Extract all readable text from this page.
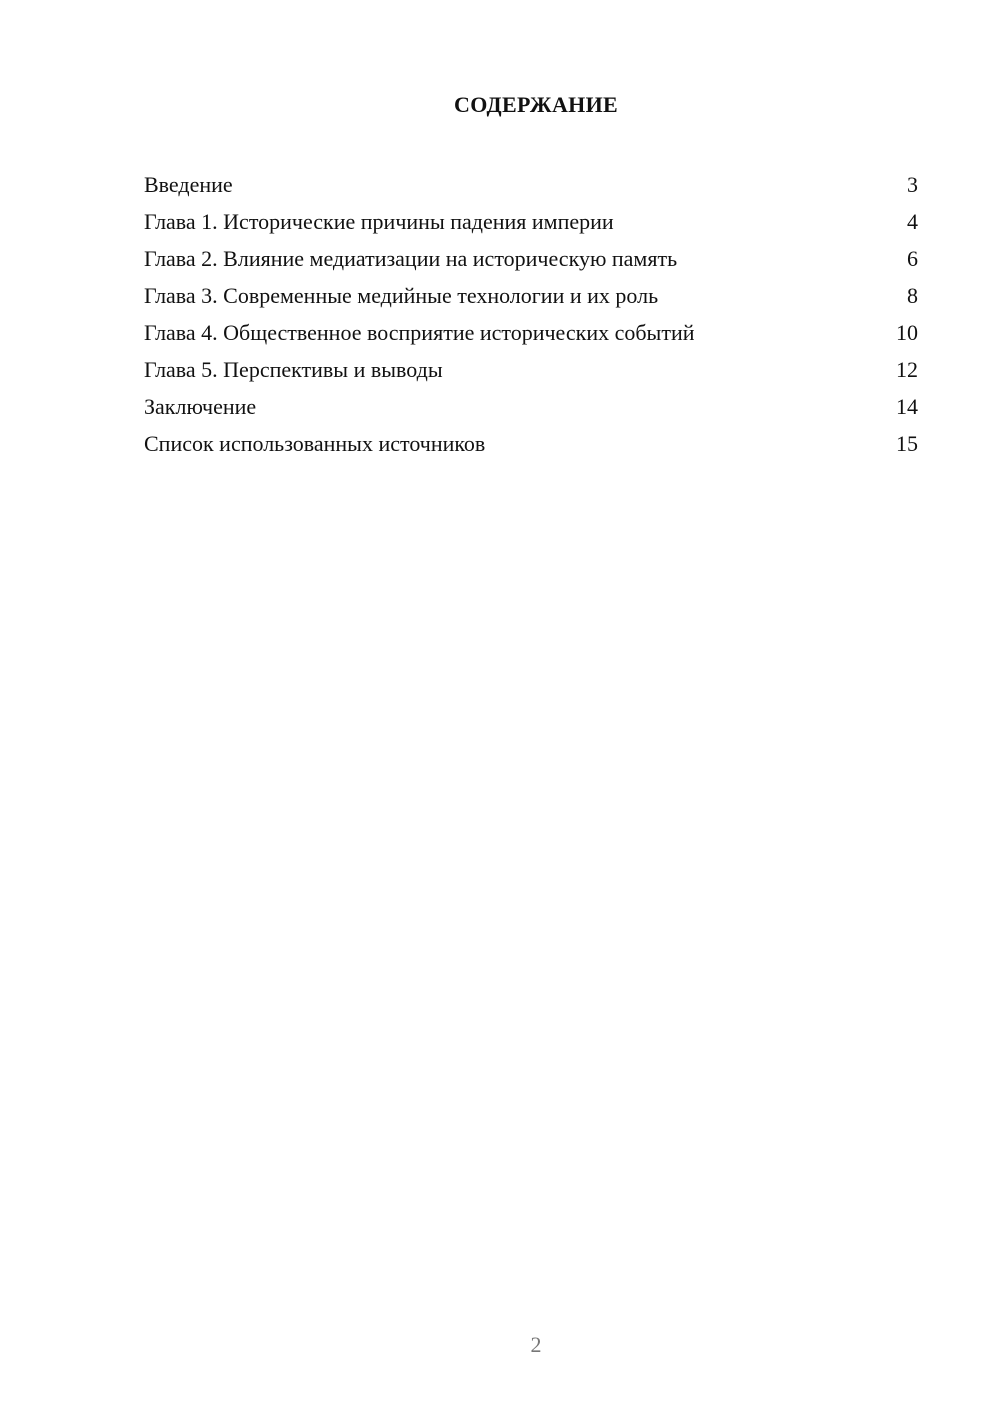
СОДЕРЖАНИЕ
Введение	3
Глава 1. Исторические причины падения империи	4
Глава 2. Влияние медиатизации на историческую память	6
Глава 3. Современные медийные технологии и их роль	8
Глава 4. Общественное восприятие исторических событий	10
Глава 5. Перспективы и выводы	12
Заключение	14
Список использованных источников	15
2
